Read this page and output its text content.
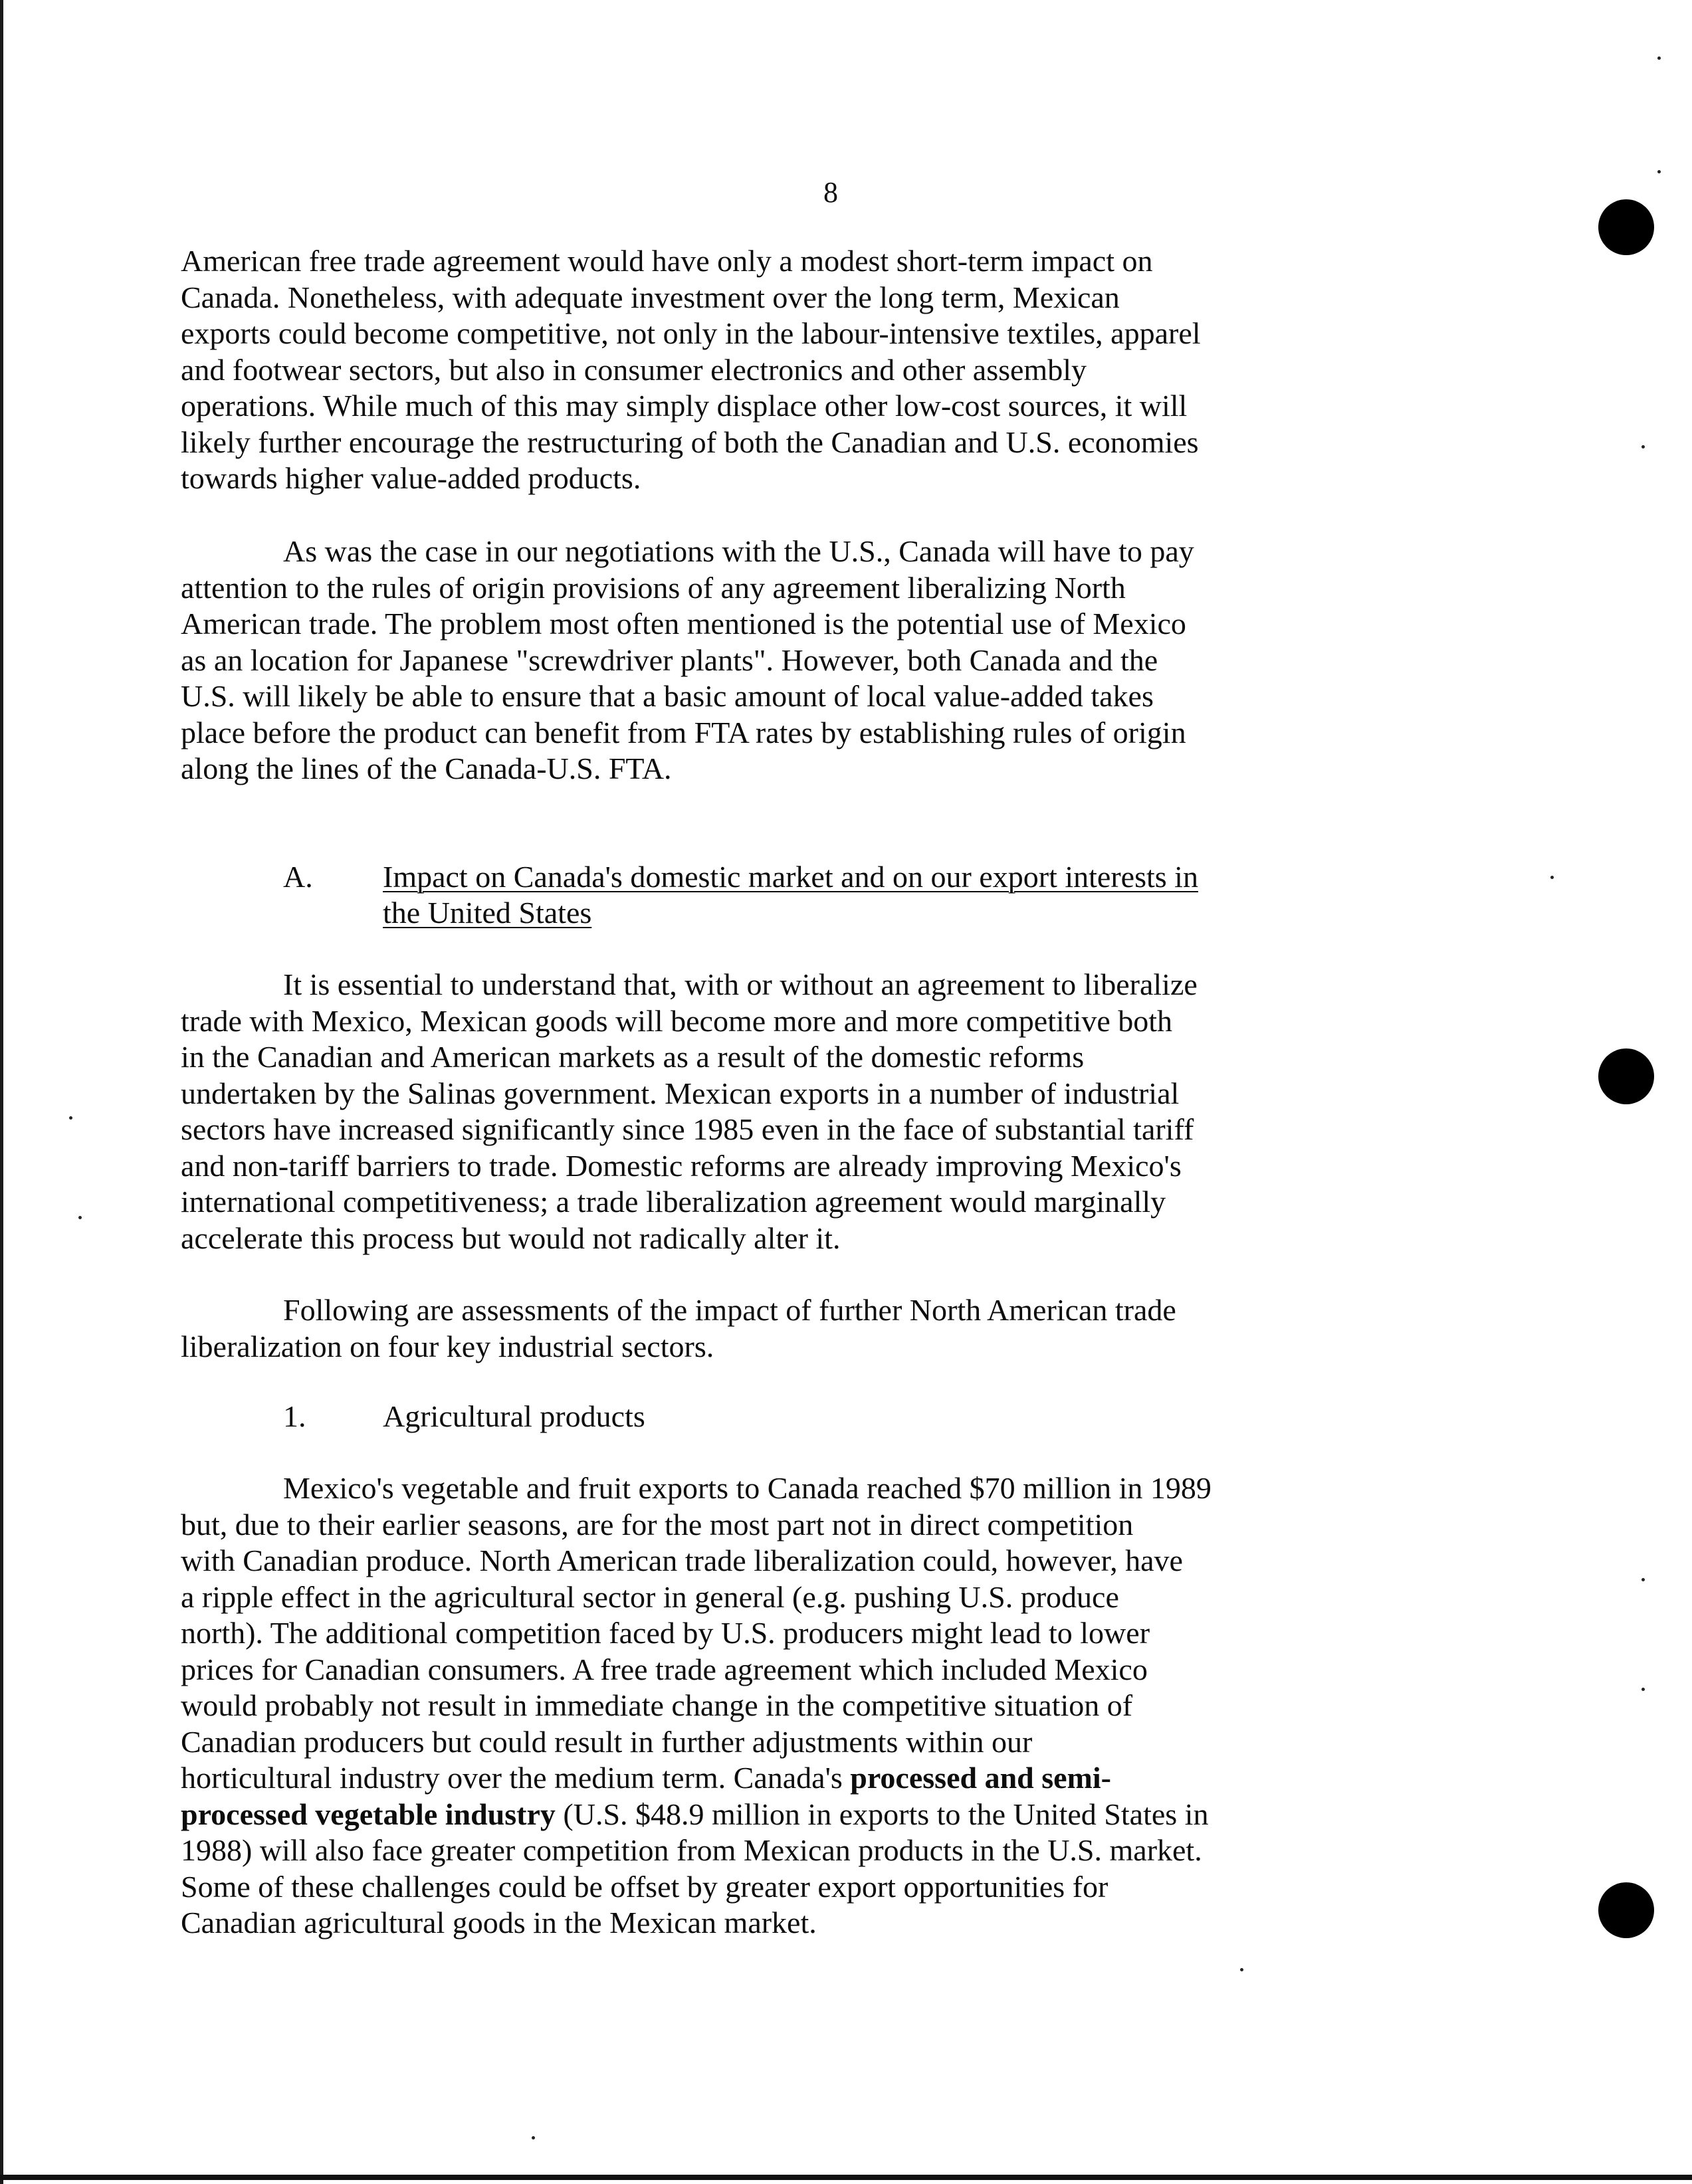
8
American free trade agreement would have only a modest short-term impact on
Canada. Nonetheless, with adequate investment over the long term, Mexican
exports could become competitive, not only in the labour-intensive textiles, apparel
and footwear sectors, but also in consumer electronics and other assembly
operations. While much of this may simply displace other low-cost sources, it will
likely further encourage the restructuring of both the Canadian and U.S. economies
towards higher value-added products.
As was the case in our negotiations with the U.S., Canada will have to pay
attention to the rules of origin provisions of any agreement liberalizing North
American trade. The problem most often mentioned is the potential use of Mexico
as an location for Japanese "screwdriver plants". However, both Canada and the
U.S. will likely be able to ensure that a basic amount of local value-added takes
place before the product can benefit from FTA rates by establishing rules of origin
along the lines of the Canada-U.S. FTA.
A. Impact on Canada's domestic market and on our export interests in
the United States
It is essential to understand that, with or without an agreement to liberalize
trade with Mexico, Mexican goods will become more and more competitive both
in the Canadian and American markets as a result of the domestic reforms
undertaken by the Salinas government. Mexican exports in a number of industrial
sectors have increased significantly since 1985 even in the face of substantial tariff
and non-tariff barriers to trade. Domestic reforms are already improving Mexico's
international competitiveness; a trade liberalization agreement would marginally
accelerate this process but would not radically alter it.
Following are assessments of the impact of further North American trade
liberalization on four key industrial sectors.
1.	Agricultural products
Mexico's vegetable and fruit exports to Canada reached $70 million in 1989
but, due to their earlier seasons, are for the most part not in direct competition
with Canadian produce. North American trade liberalization could, however, have
a ripple effect in the agricultural sector in general (e.g. pushing U.S. produce
north). The additional competition faced by U.S. producers might lead to lower
prices for Canadian consumers. A free trade agreement which included Mexico
would probably not result in immediate change in the competitive situation of
Canadian producers but could result in further adjustments within our
horticultural industry over the medium term. Canada's processed and semi-
processed vegetable industry (U.S. $48.9 million in exports to the United States in
1988) will also face greater competition from Mexican products in the U.S. market.
Some of these challenges could be offset by greater export opportunities for
Canadian agricultural goods in the Mexican market.
